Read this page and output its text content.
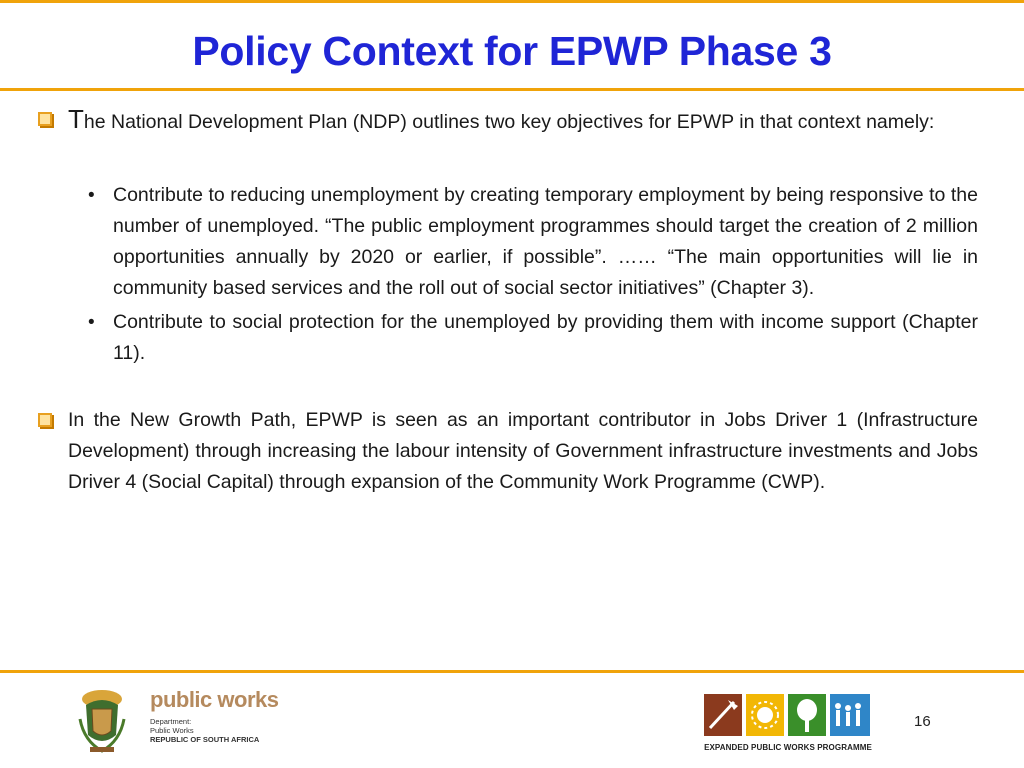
Policy Context for EPWP Phase 3
The National Development Plan (NDP) outlines two key objectives for EPWP in that context namely:
• Contribute to reducing unemployment by creating temporary employment by being responsive to the number of unemployed. “The public employment programmes should target the creation of 2 million opportunities annually by 2020 or earlier, if possible”. …… “The main opportunities will lie in community based services and the roll out of social sector initiatives” (Chapter 3).
• Contribute to social protection for the unemployed by providing them with income support (Chapter 11).
In the New Growth Path, EPWP is seen as an important contributor in Jobs Driver 1 (Infrastructure Development) through increasing the labour intensity of Government infrastructure investments and Jobs Driver 4 (Social Capital) through expansion of the Community Work Programme (CWP).
public works
Department:
Public Works
REPUBLIC OF SOUTH AFRICA
EXPANDED PUBLIC WORKS PROGRAMME
16
